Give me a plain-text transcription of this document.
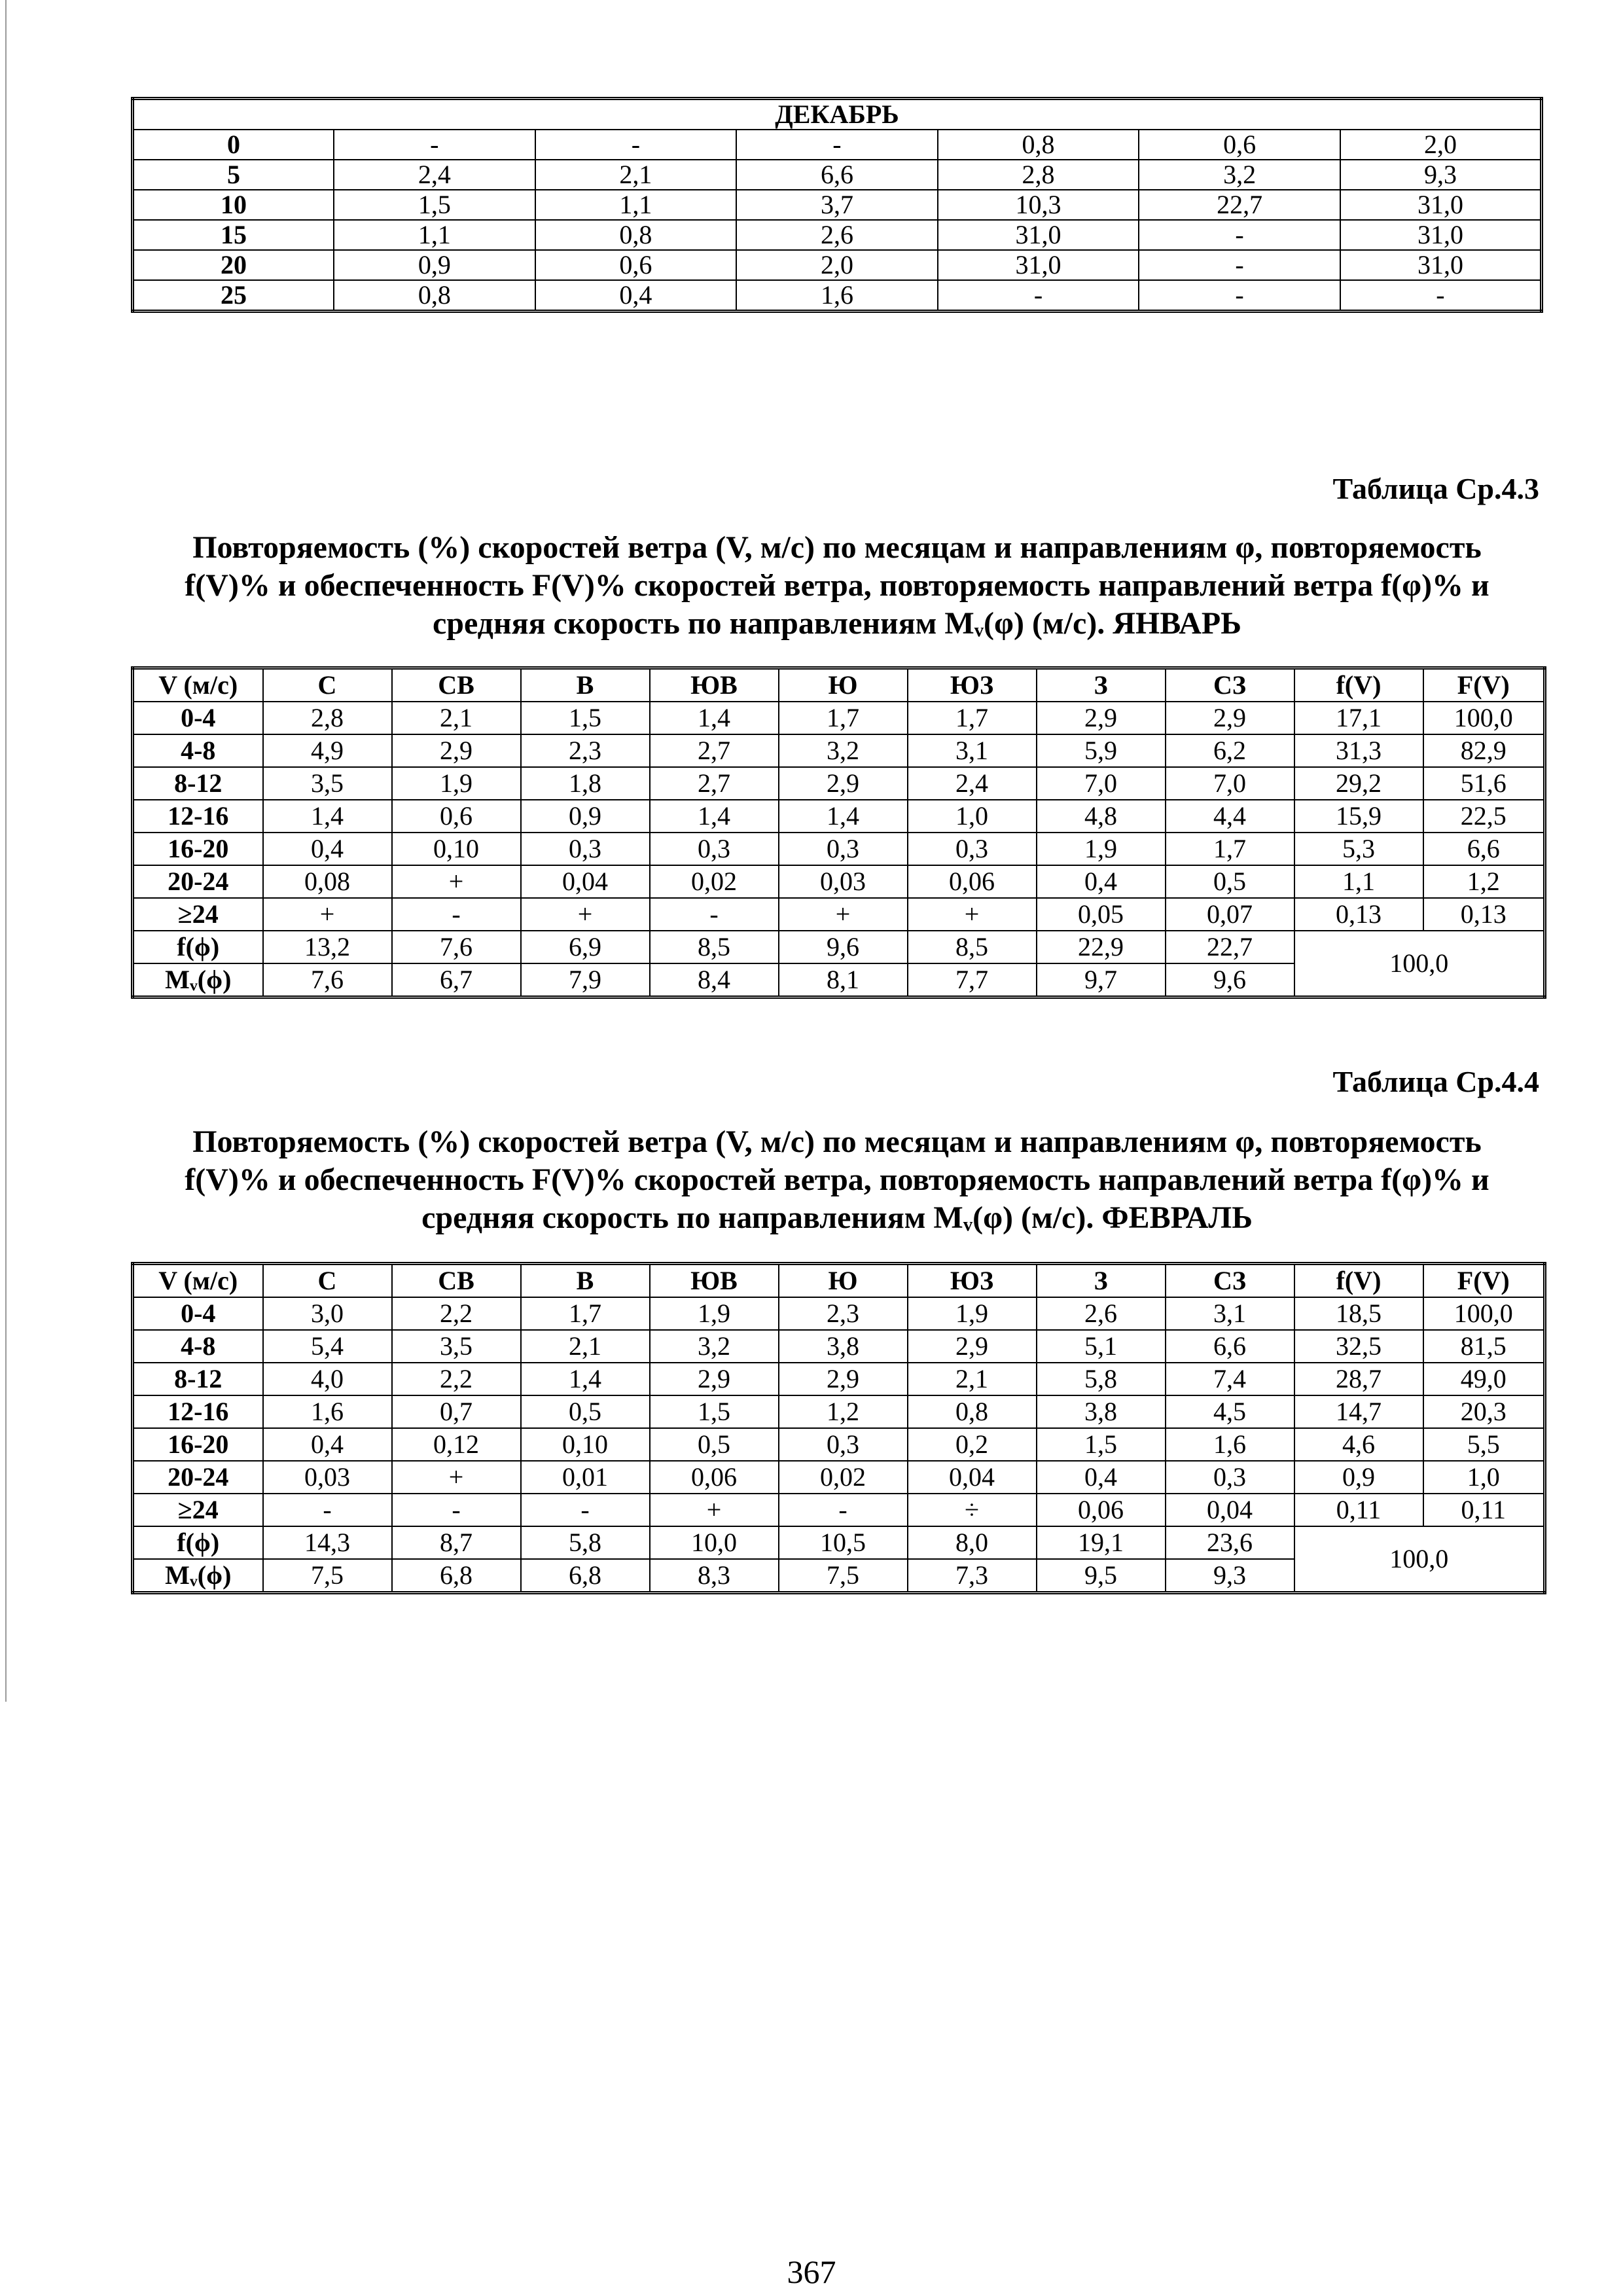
ДЕКАБРЬ						
0	-	-	-	0,8	0,6	2,0
5	2,4	2,1	6,6	2,8	3,2	9,3
10	1,5	1,1	3,7	10,3	22,7	31,0
15	1,1	0,8	2,6	31,0	-	31,0
20	0,9	0,6	2,0	31,0	-	31,0
25	0,8	0,4	1,6	-	-	-
Таблица Ср.4.3
Повторяемость (%) скоростей ветра (V, м/с) по месяцам и направлениям φ, повторяемость
f(V)% и обеспеченность F(V)% скоростей ветра, повторяемость направлений ветра f(φ)% и
средняя скорость по направлениям Mᵥ(φ) (м/с). ЯНВАРЬ
V (м/с)	С	СВ	В	ЮВ	Ю	ЮЗ	З	СЗ	f(V)	F(V)
0-4	2,8	2,1	1,5	1,4	1,7	1,7	2,9	2,9	17,1	100,0
4-8	4,9	2,9	2,3	2,7	3,2	3,1	5,9	6,2	31,3	82,9
8-12	3,5	1,9	1,8	2,7	2,9	2,4	7,0	7,0	29,2	51,6
12-16	1,4	0,6	0,9	1,4	1,4	1,0	4,8	4,4	15,9	22,5
16-20	0,4	0,10	0,3	0,3	0,3	0,3	1,9	1,7	5,3	6,6
20-24	0,08	+	0,04	0,02	0,03	0,06	0,4	0,5	1,1	1,2
≥24	+	-	+	-	+	+	0,05	0,07	0,13	0,13
f(ϕ)	13,2	7,6	6,9	8,5	9,6	8,5	22,9	22,7	100,0	
Mᵥ(ϕ)	7,6	6,7	7,9	8,4	8,1	7,7	9,7	9,6		
Таблица Ср.4.4
Повторяемость (%) скоростей ветра (V, м/с) по месяцам и направлениям φ, повторяемость
f(V)% и обеспеченность F(V)% скоростей ветра, повторяемость направлений ветра f(φ)% и
средняя скорость по направлениям Mᵥ(φ) (м/с). ФЕВРАЛЬ
V (м/с)	С	СВ	В	ЮВ	Ю	ЮЗ	З	СЗ	f(V)	F(V)
0-4	3,0	2,2	1,7	1,9	2,3	1,9	2,6	3,1	18,5	100,0
4-8	5,4	3,5	2,1	3,2	3,8	2,9	5,1	6,6	32,5	81,5
8-12	4,0	2,2	1,4	2,9	2,9	2,1	5,8	7,4	28,7	49,0
12-16	1,6	0,7	0,5	1,5	1,2	0,8	3,8	4,5	14,7	20,3
16-20	0,4	0,12	0,10	0,5	0,3	0,2	1,5	1,6	4,6	5,5
20-24	0,03	+	0,01	0,06	0,02	0,04	0,4	0,3	0,9	1,0
≥24	-	-	-	+	-	÷	0,06	0,04	0,11	0,11
f(ϕ)	14,3	8,7	5,8	10,0	10,5	8,0	19,1	23,6	100,0	
Mᵥ(ϕ)	7,5	6,8	6,8	8,3	7,5	7,3	9,5	9,3		
367
